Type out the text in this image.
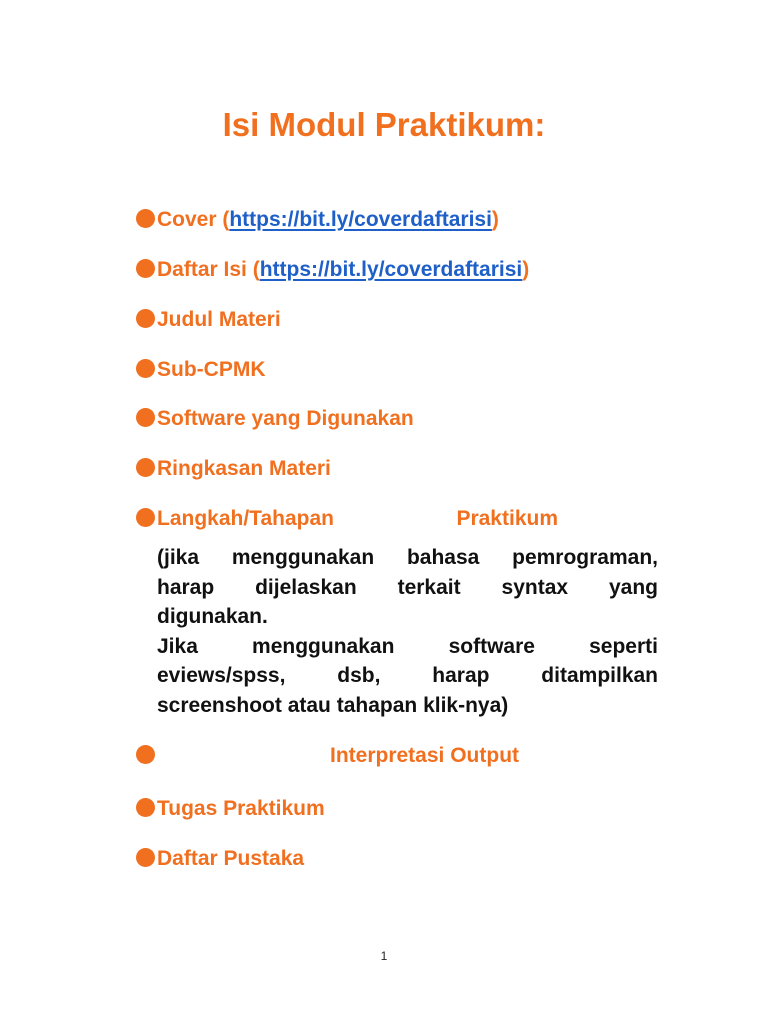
Isi Modul Praktikum:
Cover (https://bit.ly/coverdaftarisi)
Daftar Isi (https://bit.ly/coverdaftarisi)
Judul Materi
Sub-CPMK
Software yang Digunakan
Ringkasan Materi
Langkah/Tahapan	Praktikum

(jika menggunakan bahasa pemrograman,
harap dijelaskan terkait syntax yang
digunakan.
Jika menggunakan software seperti
eviews/spss, dsb, harap ditampilkan
screenshoot atau tahapan klik-nya)

Interpretasi Output
Tugas Praktikum
Daftar Pustaka
1
